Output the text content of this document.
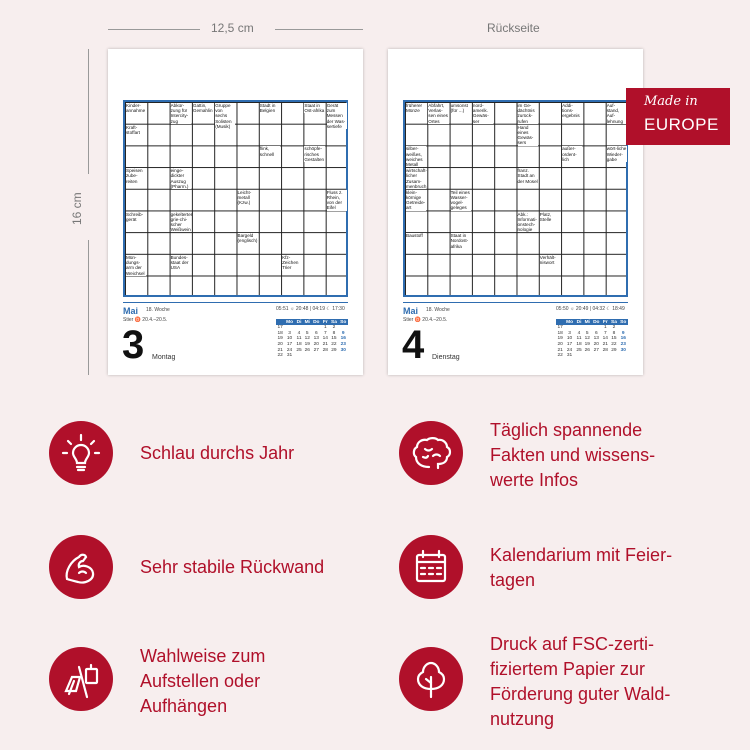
12,5 cm
16 cm
Rückseite
Kinder-annahme
Abkür-zung für Intercity-zug
Gattin, Gemahlin
Gruppe von sechs Solisten (Musik)
Stadt in Belgien
Staat in Ost-afrika
Gerät zum Messen der Was-sertiefe
Kraft-stoffart
flink, schnell
schöpfe-risches Gestalten
Speisen zube-reiten
einge-dickter Auszug (Pharm.)
Leicht-metall (Kzw.)
Fluss z. Rhein, von der Eifel
Schreib-gerät
gekelterter grie-chi-scher Weißwein
Bargeld (englisch)
Mün-dungs-arm der Weichsel
Bundes-staat der USA
Kfz-Zeichen Trier
Mai 18. Woche	05:51 ☼ 20:48 | 04:19 ☾ 17:30
Stier ♉ 20.4.–20.5.
3 Montag
	Mo	Di	Mi	Do	Fr	Sa	So
17					1	2	
18	3	4	5	6	7	8	9
19	10	11	12	13	14	15	16
20	17	18	19	20	21	22	23
21	24	25	26	27	28	29	30
22	31						
früherer Münze
Abfahrt, Verlas-sen eines Ortes
umsonst (für ...)
nord-amerik. Gewäs-ser
im Ge-dächtnis zurück-rufen
Addi-tions-ergebnis
Auf-stand, Auf-lehnung
Hand eines Gewäs-sers
silber-weißes, weiches Metall
außer-ordent-lich
wört-liche Wieder-gabe
wirtschaft-licher Zusam-menbruch
franz. Stadt an der Mosel
klein-körnige Getreide-art
Teil eines Wasser-vogel-geleges
Abk.: Informati-onstech-nologie
Platz, Stelle
Baustoff	Staat in Nordost-afrika
Verhält-niswort
Mai 18. Woche	05:50 ☼ 20:49 | 04:32 ☾ 18:49
Stier ♉ 20.4.–20.5.
4 Dienstag
	Mo	Di	Mi	Do	Fr	Sa	So
17					1	2	
18	3	4	5	6	7	8	9
19	10	11	12	13	14	15	16
20	17	18	19	20	21	22	23
21	24	25	26	27	28	29	30
22	31						
Made in
EUROPE
Schlau durchs Jahr
Täglich spannende Fakten und wissens-werte Infos
Sehr stabile Rückwand
Kalendarium mit Feier-tagen
Wahlweise zum Aufstellen oder Aufhängen
Druck auf FSC-zerti-fiziertem Papier zur Förderung guter Wald-nutzung
